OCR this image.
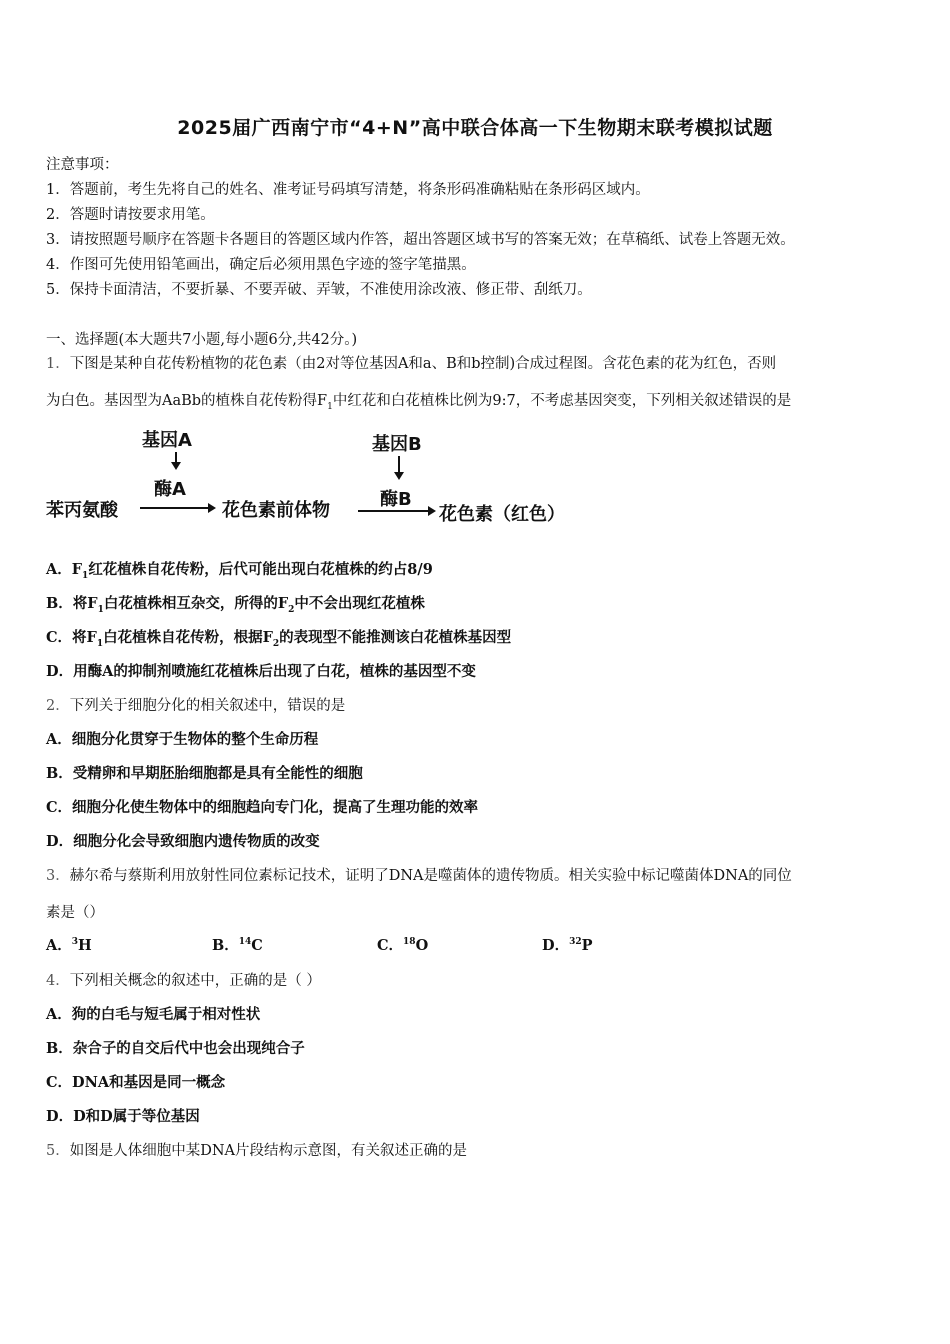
2025届广西南宁市“4+N”高中联合体高一下生物期末联考模拟试题
注意事项：
1．答题前，考生先将自己的姓名、准考证号码填写清楚，将条形码准确粘贴在条形码区域内。
2．答题时请按要求用笔。
3．请按照题号顺序在答题卡各题目的答题区域内作答，超出答题区域书写的答案无效；在草稿纸、试卷上答题无效。
4．作图可先使用铅笔画出，确定后必须用黑色字迹的签字笔描黑。
5．保持卡面清洁，不要折暴、不要弄破、弄皱，不准使用涂改液、修正带、刮纸刀。
一、选择题(本大题共7小题,每小题6分,共42分。)
1．下图是某种自花传粉植物的花色素（由2对等位基因A和a、B和b控制)合成过程图。含花色素的花为红色，否则
为白色。基因型为AaBb的植株自花传粉得$F_1$中红花和白花植株比例为9:7，不考虑基因突变，下列相关叙述错误的是
基因A
酶A
苯丙氨酸	花色素前体物
基因B
酶B
花色素（红色）
A．$F_1$红花植株自花传粉，后代可能出现白花植株的约占8/9
B．将$F_1$白花植株相互杂交，所得的$F_2$中不会出现红花植株
C．将$F_1$白花植株自花传粉，根据$F_2$的表现型不能推测该白花植株基因型
D．用酶A的抑制剂喷施红花植株后出现了白花，植株的基因型不变
2．下列关于细胞分化的相关叙述中，错误的是
A．细胞分化贯穿于生物体的整个生命历程
B．受精卵和早期胚胎细胞都是具有全能性的细胞
C．细胞分化使生物体中的细胞趋向专门化，提高了生理功能的效率
D．细胞分化会导致细胞内遗传物质的改变
3．赫尔希与蔡斯利用放射性同位素标记技术，证明了DNA是噬菌体的遗传物质。相关实验中标记噬菌体DNA的同位
素是（）
A．$^3$H	B．$^{14}$C	C．$^{18}$O	D．$^{32}$P
4．下列相关概念的叙述中，正确的是（ ）
A．狗的白毛与短毛属于相对性状
B．杂合子的自交后代中也会出现纯合子
C．DNA和基因是同一概念
D．D和D属于等位基因
5．如图是人体细胞中某DNA片段结构示意图，有关叙述正确的是
